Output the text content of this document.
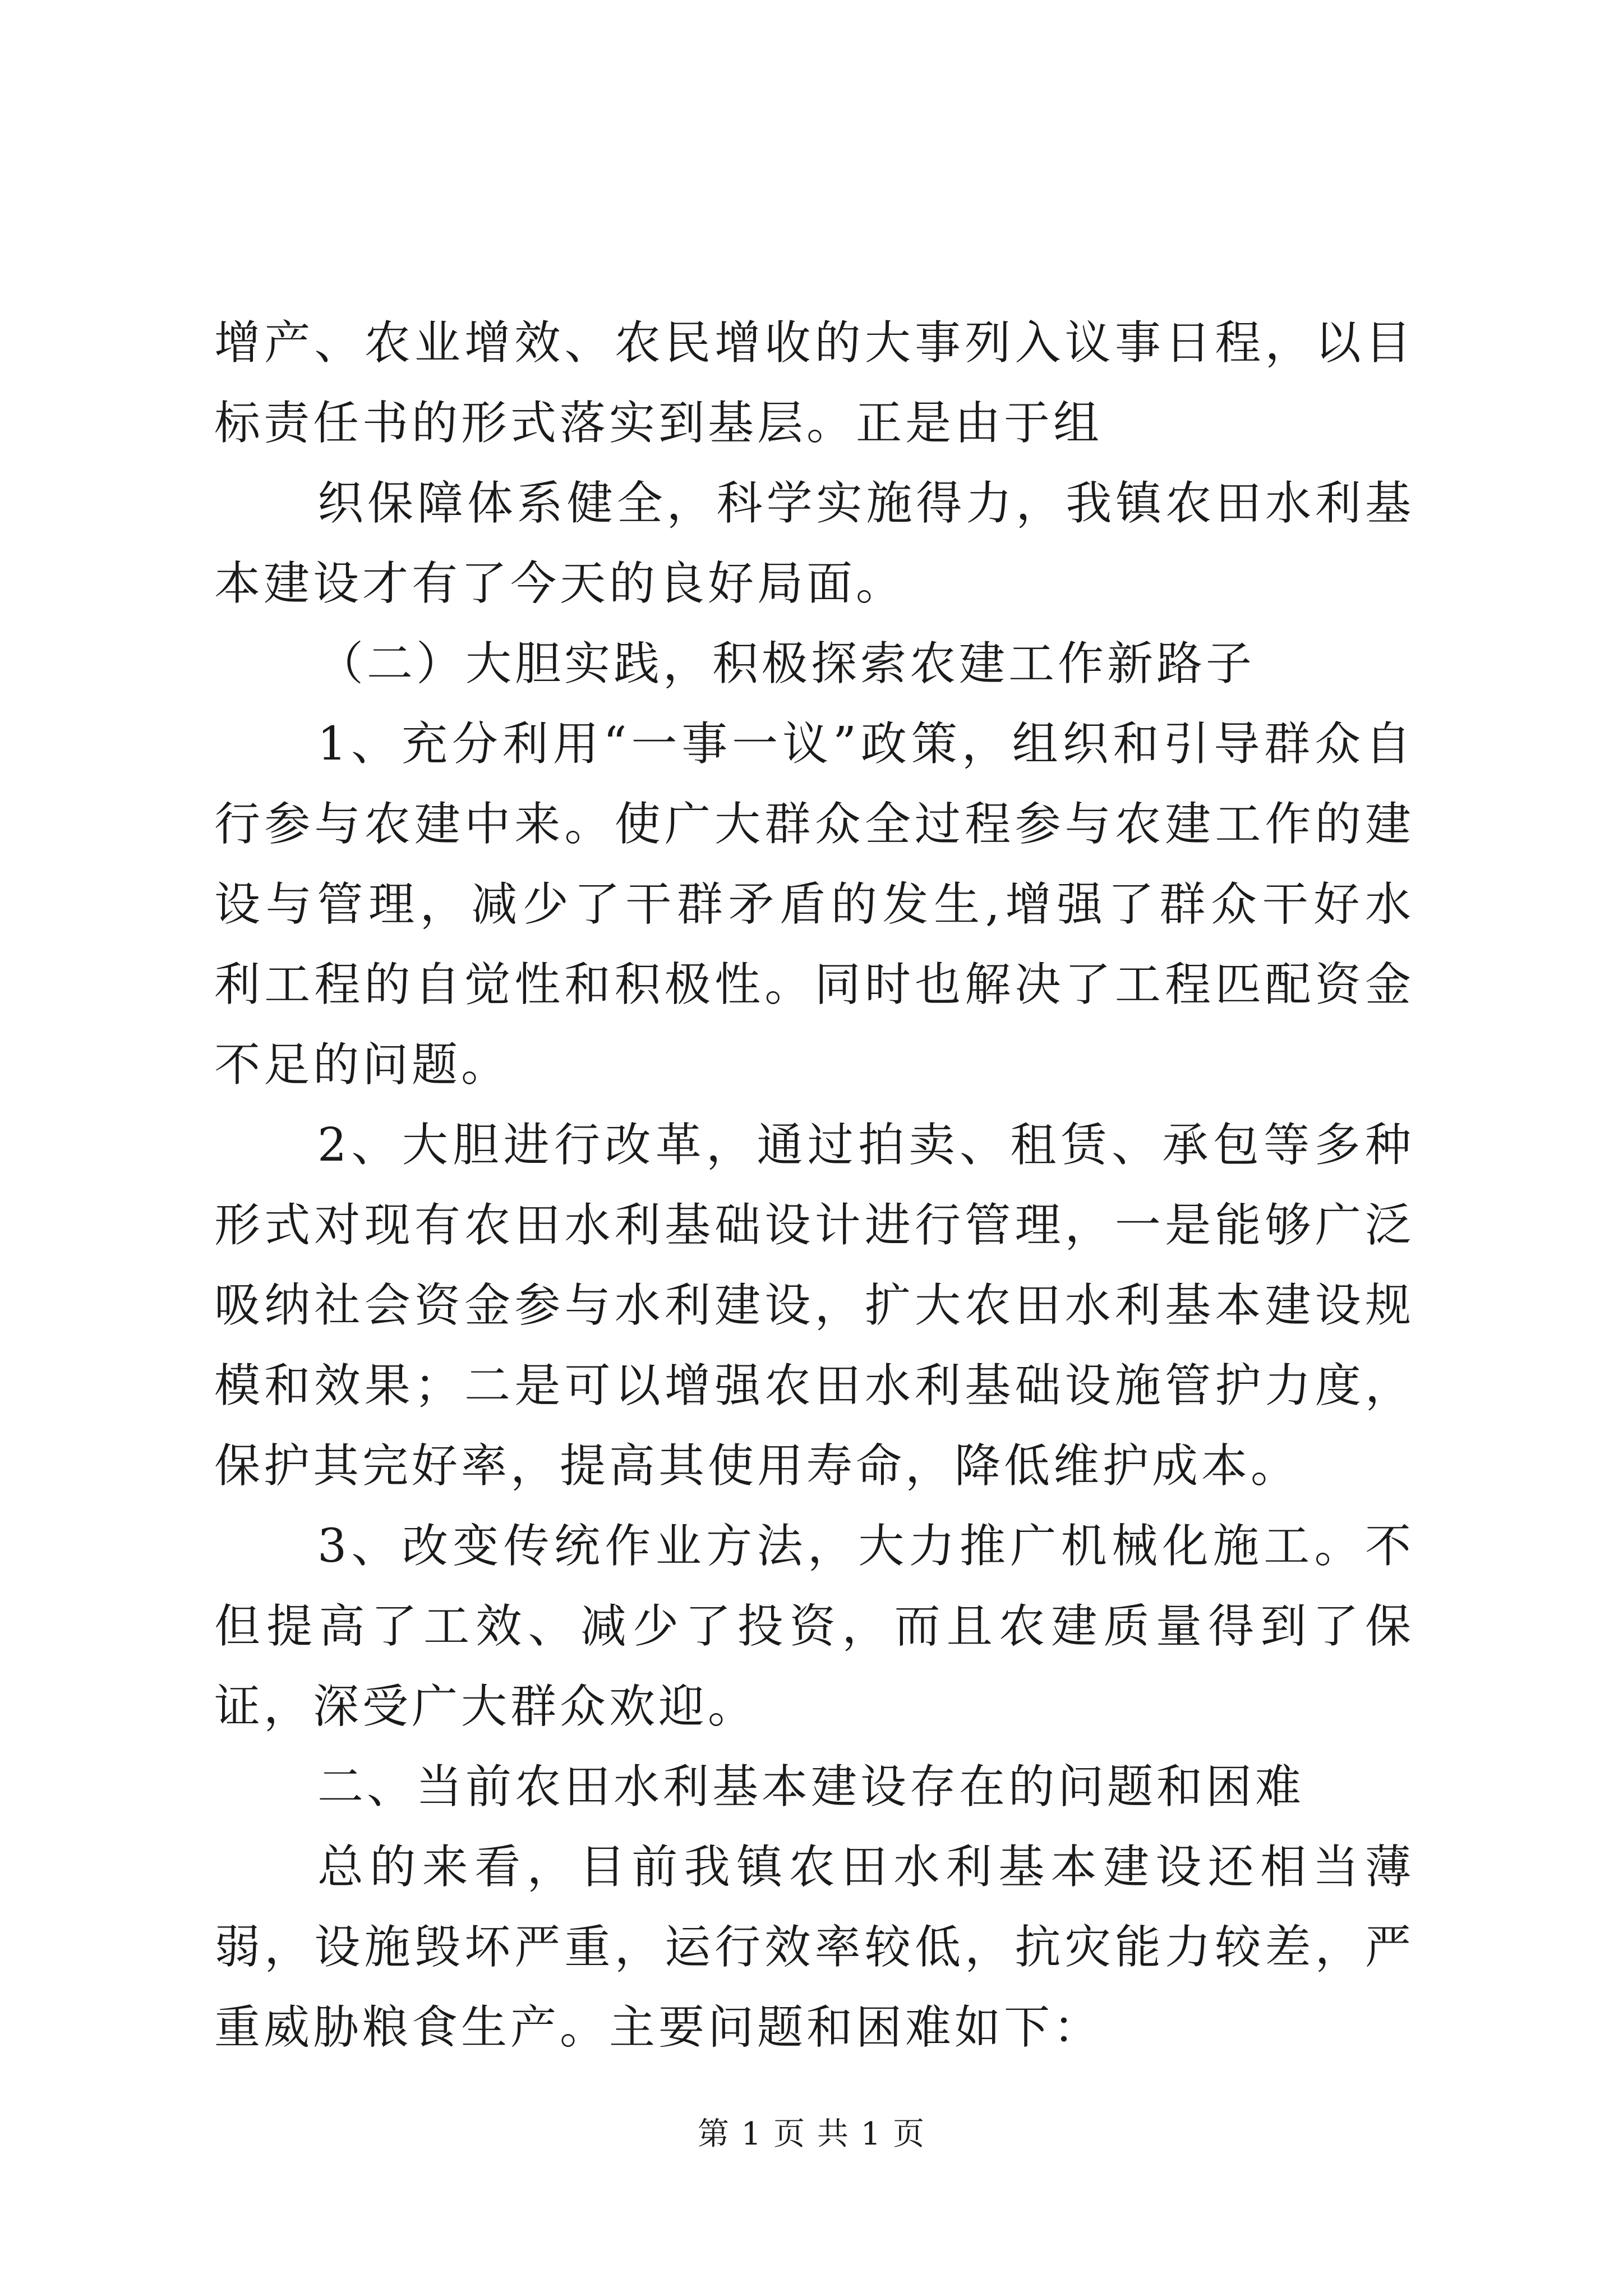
增产、农业增效、农民增收的大事列入议事日程，以目标责任书的形式落实到基层。正是由于组

织保障体系健全，科学实施得力，我镇农田水利基本建设才有了今天的良好局面。

（二）大胆实践，积极探索农建工作新路子

1、充分利用“一事一议”政策，组织和引导群众自行参与农建中来。使广大群众全过程参与农建工作的建设与管理，减少了干群矛盾的发生,增强了群众干好水利工程的自觉性和积极性。同时也解决了工程匹配资金不足的问题。

2、大胆进行改革，通过拍卖、租赁、承包等多种形式对现有农田水利基础设计进行管理，一是能够广泛吸纳社会资金参与水利建设，扩大农田水利基本建设规模和效果；二是可以增强农田水利基础设施管护力度，保护其完好率，提高其使用寿命，降低维护成本。

3、改变传统作业方法，大力推广机械化施工。不但提高了工效、减少了投资，而且农建质量得到了保证，深受广大群众欢迎。

二、当前农田水利基本建设存在的问题和困难

总的来看，目前我镇农田水利基本建设还相当薄弱，设施毁坏严重，运行效率较低，抗灾能力较差，严重威胁粮食生产。主要问题和困难如下：

第 1 页 共 1 页
